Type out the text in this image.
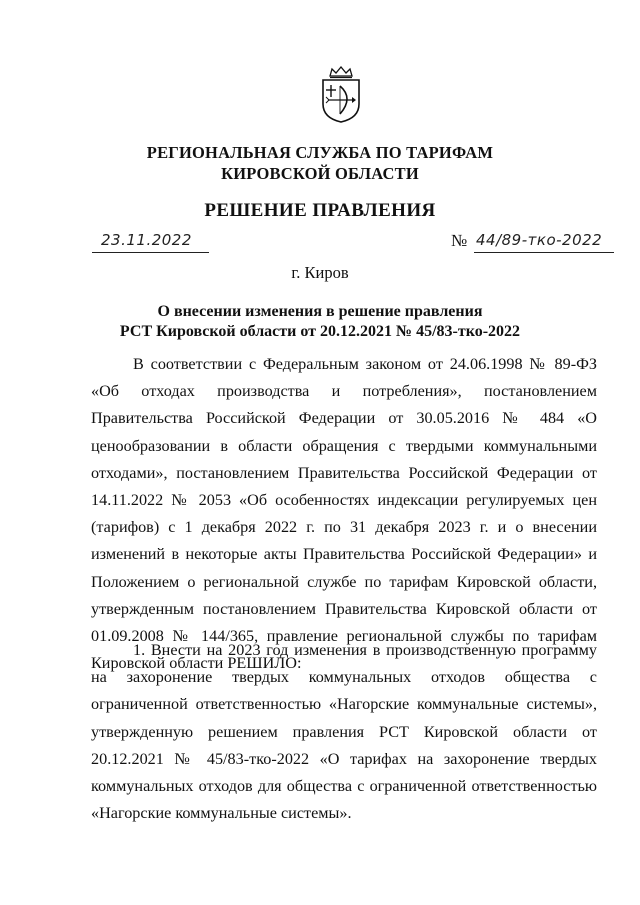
РЕГИОНАЛЬНАЯ СЛУЖБА ПО ТАРИФАМ
КИРОВСКОЙ ОБЛАСТИ
РЕШЕНИЕ ПРАВЛЕНИЯ
23.11.2022	№ 44/89-тко-2022
г. Киров
О внесении изменения в решение правления
РСТ Кировской области от 20.12.2021 № 45/83-тко-2022
В соответствии с Федеральным законом от 24.06.1998 № 89-ФЗ «Об отходах производства и потребления», постановлением Правительства Российской Федерации от 30.05.2016 № 484 «О ценообразовании в области обращения с твердыми коммунальными отходами», постановлением Правительства Российской Федерации от 14.11.2022 № 2053 «Об особенностях индексации регулируемых цен (тарифов) с 1 декабря 2022 г. по 31 декабря 2023 г. и о внесении изменений в некоторые акты Правительства Российской Федерации» и Положением о региональной службе по тарифам Кировской области, утвержденным постановлением Правительства Кировской области от 01.09.2008 № 144/365, правление региональной службы по тарифам Кировской области РЕШИЛО:
1. Внести на 2023 год изменения в производственную программу на захоронение твердых коммунальных отходов общества с ограниченной ответственностью «Нагорские коммунальные системы», утвержденную решением правления РСТ Кировской области от 20.12.2021 № 45/83-тко-2022 «О тарифах на захоронение твердых коммунальных отходов для общества с ограниченной ответственностью «Нагорские коммунальные системы».
